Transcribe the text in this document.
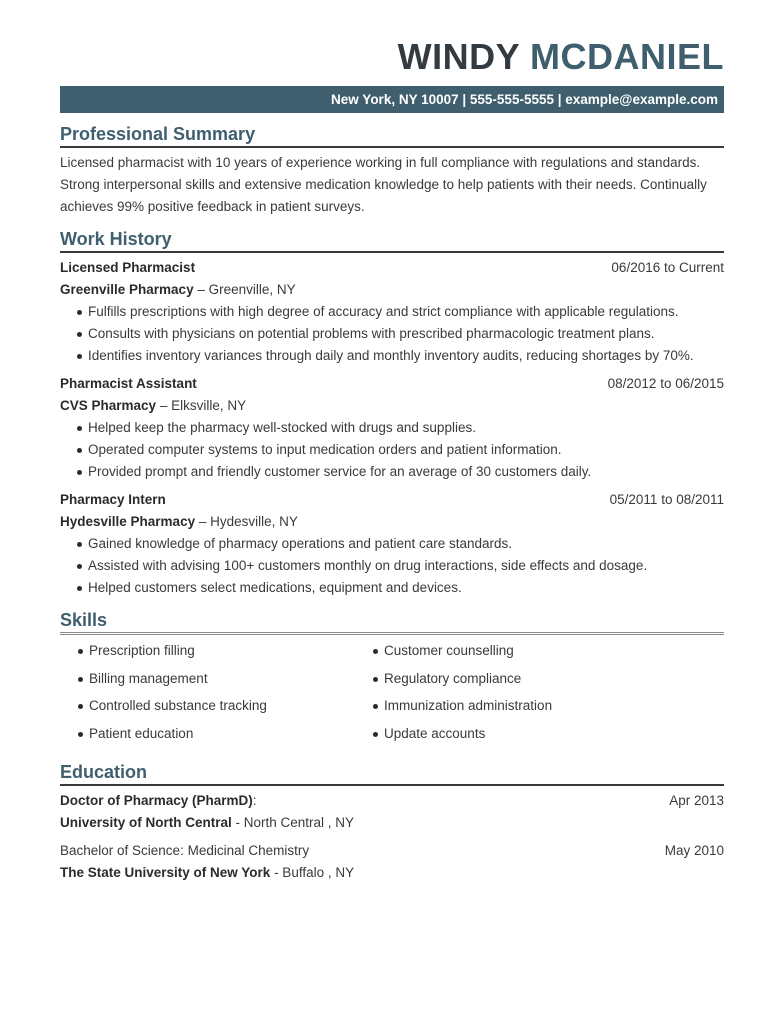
WINDY MCDANIEL
New York, NY 10007 | 555-555-5555 | example@example.com
Professional Summary
Licensed pharmacist with 10 years of experience working in full compliance with regulations and standards. Strong interpersonal skills and extensive medication knowledge to help patients with their needs. Continually achieves 99% positive feedback in patient surveys.
Work History
Licensed Pharmacist	06/2016 to Current
Greenville Pharmacy – Greenville, NY
Fulfills prescriptions with high degree of accuracy and strict compliance with applicable regulations.
Consults with physicians on potential problems with prescribed pharmacologic treatment plans.
Identifies inventory variances through daily and monthly inventory audits, reducing shortages by 70%.
Pharmacist Assistant	08/2012 to 06/2015
CVS Pharmacy – Elksville, NY
Helped keep the pharmacy well-stocked with drugs and supplies.
Operated computer systems to input medication orders and patient information.
Provided prompt and friendly customer service for an average of 30 customers daily.
Pharmacy Intern	05/2011 to 08/2011
Hydesville Pharmacy – Hydesville, NY
Gained knowledge of pharmacy operations and patient care standards.
Assisted with advising 100+ customers monthly on drug interactions, side effects and dosage.
Helped customers select medications, equipment and devices.
Skills
Prescription filling	Customer counselling
Billing management	Regulatory compliance
Controlled substance tracking	Immunization administration
Patient education	Update accounts
Education
Doctor of Pharmacy (PharmD):	Apr 2013
University of North Central - North Central , NY
Bachelor of Science: Medicinal Chemistry	May 2010
The State University of New York - Buffalo , NY
